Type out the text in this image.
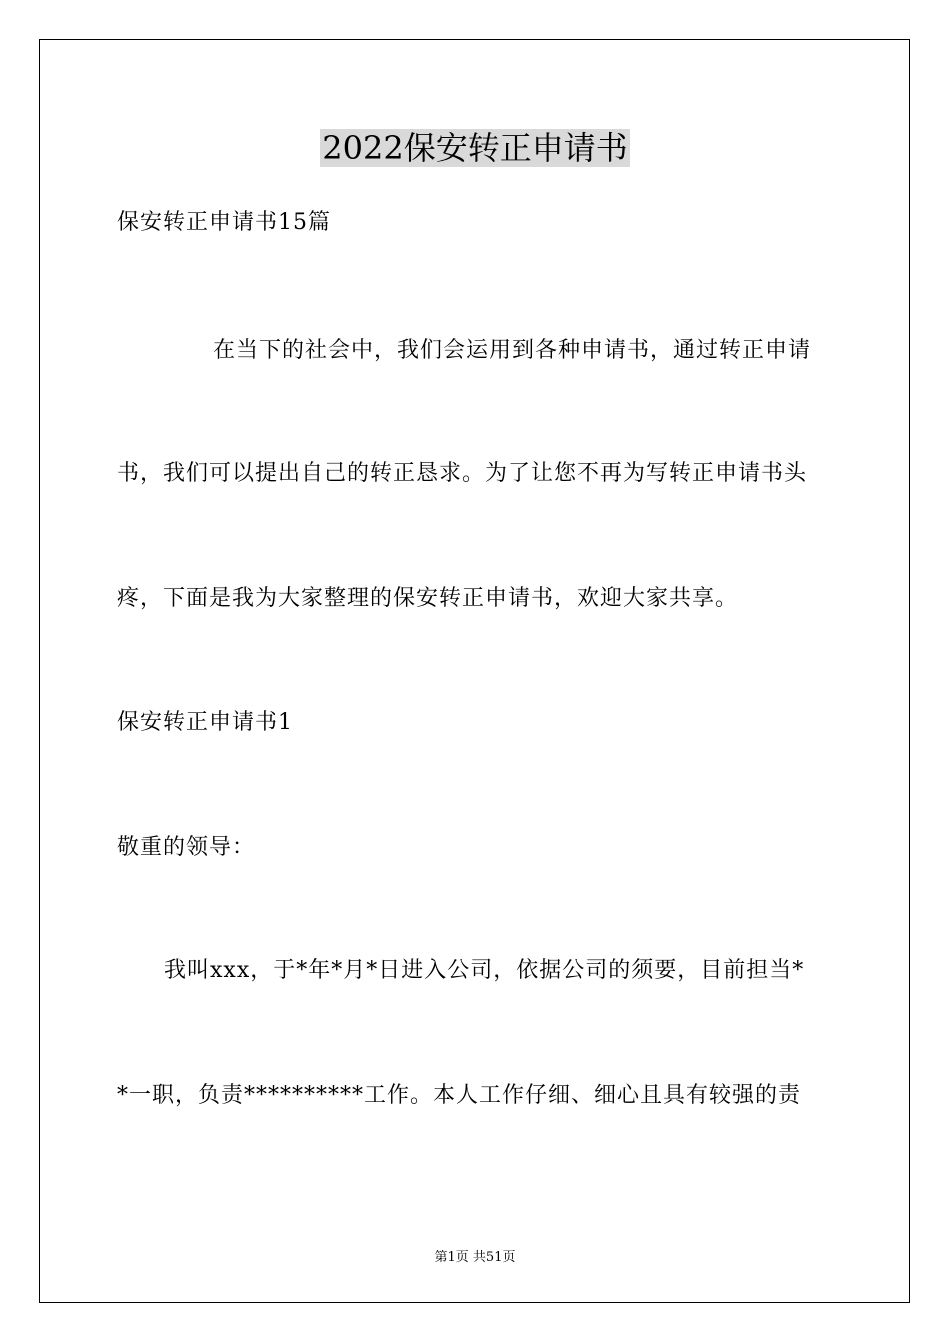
2022保安转正申请书

保安转正申请书15篇

在当下的社会中，我们会运用到各种申请书，通过转正申请

书，我们可以提出自己的转正恳求。为了让您不再为写转正申请书头

疼，下面是我为大家整理的保安转正申请书，欢迎大家共享。

保安转正申请书1

敬重的领导：

我叫xxx，于*年*月*日进入公司，依据公司的须要，目前担当*

*一职，负责**********工作。本人工作仔细、细心且具有较强的责

第1页 共51页
